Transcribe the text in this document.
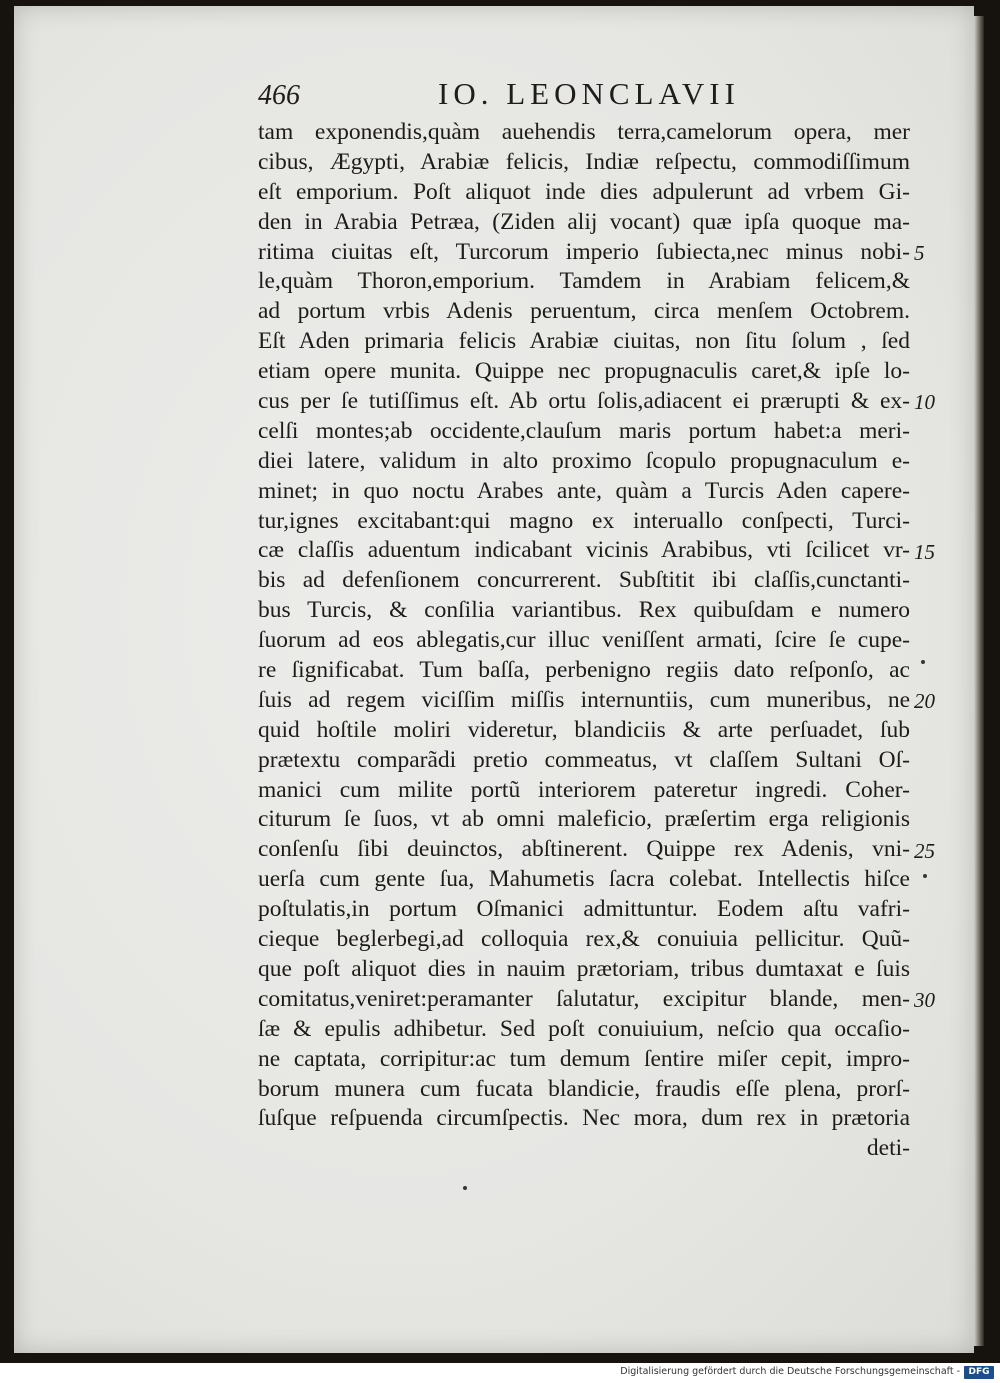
466	IO. LEONCLAVII
tam exponendis,quàm auehendis terra,camelorum opera, mer
cibus, Ægypti, Arabiæ felicis, Indiæ reſpectu, commodiſſimum
eſt emporium. Poſt aliquot inde dies adpulerunt ad vrbem Gi-
den in Arabia Petræa, (Ziden alij vocant) quæ ipſa quoque ma-
ritima ciuitas eſt, Turcorum imperio ſubiecta,nec minus nobi-
le,quàm Thoron,emporium. Tamdem in Arabiam felicem,&
ad portum vrbis Adenis peruentum, circa menſem Octobrem.
Eſt Aden primaria felicis Arabiæ ciuitas, non ſitu ſolum , ſed
etiam opere munita. Quippe nec propugnaculis caret,& ipſe lo-
cus per ſe tutiſſimus eſt. Ab ortu ſolis,adiacent ei prærupti & ex-
celſi montes;ab occidente,clauſum maris portum habet:a meri-
diei latere, validum in alto proximo ſcopulo propugnaculum e-
minet; in quo noctu Arabes ante, quàm a Turcis Aden capere-
tur,ignes excitabant:qui magno ex interuallo conſpecti, Turci-
cæ claſſis aduentum indicabant vicinis Arabibus, vti ſcilicet vr-
bis ad defenſionem concurrerent. Subſtitit ibi claſſis,cunctanti-
bus Turcis, & conſilia variantibus. Rex quibuſdam e numero
ſuorum ad eos ablegatis,cur illuc veniſſent armati, ſcire ſe cupe-
re ſignificabat. Tum baſſa, perbenigno regiis dato reſponſo, ac
ſuis ad regem viciſſim miſſis internuntiis, cum muneribus, ne
quid hoſtile moliri videretur, blandiciis & arte perſuadet, ſub
prætextu comparãdi pretio commeatus, vt claſſem Sultani Oſ-
manici cum milite portũ interiorem pateretur ingredi. Coher-
citurum ſe ſuos, vt ab omni maleficio, præſertim erga religionis
conſenſu ſibi deuinctos, abſtinerent. Quippe rex Adenis, vni-
uerſa cum gente ſua, Mahumetis ſacra colebat. Intellectis hiſce
poſtulatis,in portum Oſmanici admittuntur. Eodem aſtu vafri-
cieque beglerbegi,ad colloquia rex,& conuiuia pellicitur. Quũ-
que poſt aliquot dies in nauim prætoriam, tribus dumtaxat e ſuis
comitatus,veniret:peramanter ſalutatur, excipitur blande, men-
ſæ & epulis adhibetur. Sed poſt conuiuium, neſcio qua occaſio-
ne captata, corripitur:ac tum demum ſentire miſer cepit, impro-
borum munera cum fucata blandicie, fraudis eſſe plena, prorſ-
ſuſque reſpuenda circumſpectis. Nec mora, dum rex in prætoria
deti-
5
10
15
20
25
30
Digitalisierung gefördert durch die Deutsche Forschungsgemeinschaft - DFG
